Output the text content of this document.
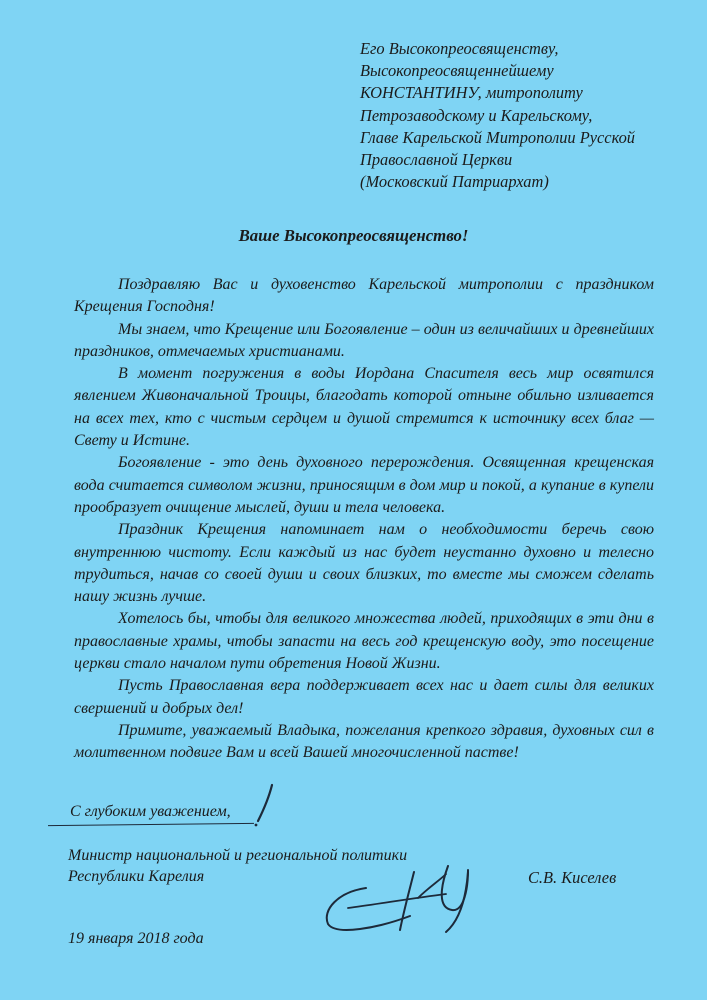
Его Высокопреосвященству,
Высокопреосвященнейшему
КОНСТАНТИНУ, митрополиту
Петрозаводскому и Карельскому,
Главе Карельской Митрополии Русской
Православной Церкви
(Московский Патриархат)
Ваше Высокопреосвященство!

Поздравляю Вас и духовенство Карельской митрополии с праздником Крещения Господня!

Мы знаем, что Крещение или Богоявление – один из величайших и древнейших праздников, отмечаемых христианами.

В момент погружения в воды Иордана Спасителя весь мир освятился явлением Живоначальной Троицы, благодать которой отныне обильно изливается на всех тех, кто с чистым сердцем и душой стремится к источнику всех благ — Свету и Истине.

Богоявление - это день духовного перерождения. Освященная крещенская вода считается символом жизни, приносящим в дом мир и покой, а купание в купели прообразует очищение мыслей, души и тела человека.

Праздник Крещения напоминает нам о необходимости беречь свою внутреннюю чистоту. Если каждый из нас будет неустанно духовно и телесно трудиться, начав со своей души и своих близких, то вместе мы сможем сделать нашу жизнь лучше.

Хотелось бы, чтобы для великого множества людей, приходящих в эти дни в православные храмы, чтобы запасти на весь год крещенскую воду, это посещение церкви стало началом пути обретения Новой Жизни.

Пусть Православная вера поддерживает всех нас и дает силы для великих свершений и добрых дел!

Примите, уважаемый Владыка, пожелания крепкого здравия, духовных сил в молитвенном подвиге Вам и всей Вашей многочисленной пастве!

С глубоким уважением,
Министр национальной и региональной политики
Республики Карелия	С.В. Киселев
19 января 2018 года
